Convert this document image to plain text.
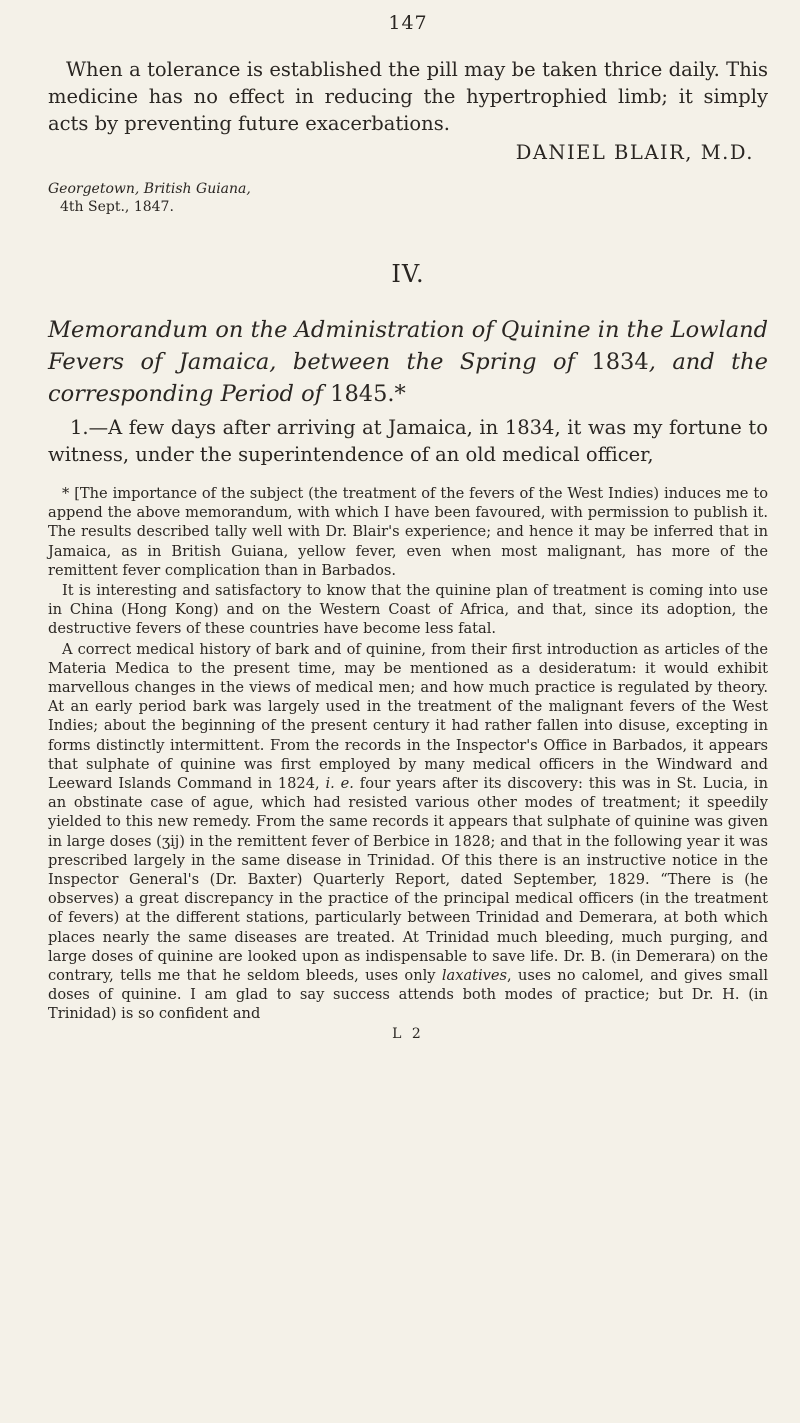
147

When a tolerance is established the pill may be taken thrice daily. This medicine has no effect in reducing the hypertrophied limb; it simply acts by preventing future exacerbations.

DANIEL BLAIR, M.D.
Georgetown, British Guiana,
4th Sept., 1847.
IV.

Memorandum on the Administration of Quinine in the Lowland Fevers of Jamaica, between the Spring of 1834, and the corresponding Period of 1845.*

1.—A few days after arriving at Jamaica, in 1834, it was my fortune to witness, under the superintendence of an old medical officer,

* [The importance of the subject (the treatment of the fevers of the West Indies) induces me to append the above memorandum, with which I have been favoured, with permission to publish it. The results described tally well with Dr. Blair's experience; and hence it may be inferred that in Jamaica, as in British Guiana, yellow fever, even when most malignant, has more of the remittent fever complication than in Barbados.

It is interesting and satisfactory to know that the quinine plan of treatment is coming into use in China (Hong Kong) and on the Western Coast of Africa, and that, since its adoption, the destructive fevers of these countries have become less fatal.

A correct medical history of bark and of quinine, from their first introduction as articles of the Materia Medica to the present time, may be mentioned as a desideratum: it would exhibit marvellous changes in the views of medical men; and how much practice is regulated by theory. At an early period bark was largely used in the treatment of the malignant fevers of the West Indies; about the beginning of the present century it had rather fallen into disuse, excepting in forms distinctly intermittent. From the records in the Inspector's Office in Barbados, it appears that sulphate of quinine was first employed by many medical officers in the Windward and Leeward Islands Command in 1824, i. e. four years after its discovery: this was in St. Lucia, in an obstinate case of ague, which had resisted various other modes of treatment; it speedily yielded to this new remedy. From the same records it appears that sulphate of quinine was given in large doses (ʒij) in the remittent fever of Berbice in 1828; and that in the following year it was prescribed largely in the same disease in Trinidad. Of this there is an instructive notice in the Inspector General's (Dr. Baxter) Quarterly Report, dated September, 1829. “There is (he observes) a great discrepancy in the practice of the principal medical officers (in the treatment of fevers) at the different stations, particularly between Trinidad and Demerara, at both which places nearly the same diseases are treated. At Trinidad much bleeding, much purging, and large doses of quinine are looked upon as indispensable to save life. Dr. B. (in Demerara) on the contrary, tells me that he seldom bleeds, uses only laxatives, uses no calomel, and gives small doses of quinine. I am glad to say success attends both modes of practice; but Dr. H. (in Trinidad) is so confident and

L 2
